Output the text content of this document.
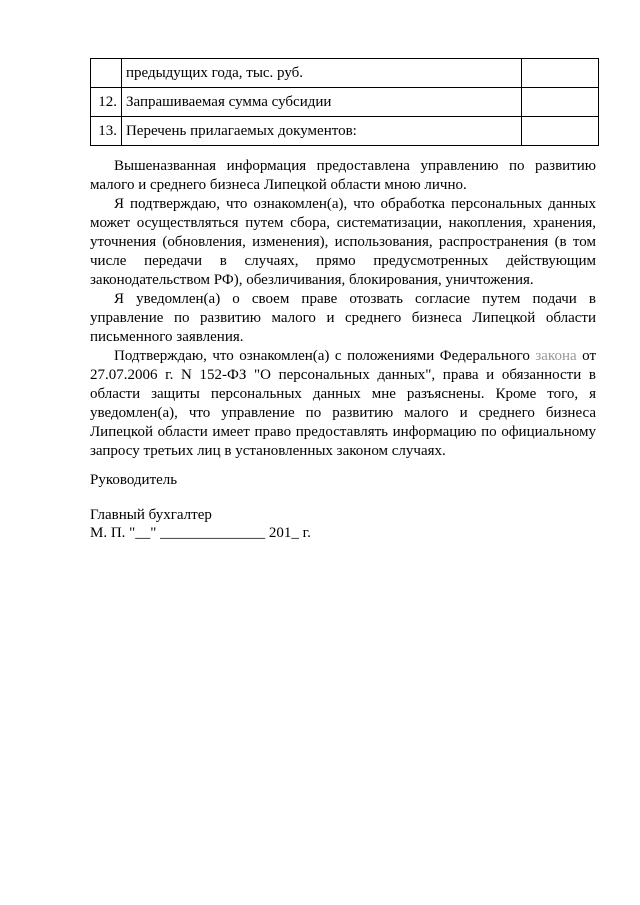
	предыдущих года, тыс. руб.	
12.	Запрашиваемая сумма субсидии	
13.	Перечень прилагаемых документов:	

Вышеназванная информация предоставлена управлению по развитию малого и среднего бизнеса Липецкой области мною лично.

Я подтверждаю, что ознакомлен(а), что обработка персональных данных может осуществляться путем сбора, систематизации, накопления, хранения, уточнения (обновления, изменения), использования, распространения (в том числе передачи в случаях, прямо предусмотренных действующим законодательством РФ), обезличивания, блокирования, уничтожения.

Я уведомлен(а) о своем праве отозвать согласие путем подачи в управление по развитию малого и среднего бизнеса Липецкой области письменного заявления.

Подтверждаю, что ознакомлен(а) с положениями Федерального закона от 27.07.2006 г. N 152-ФЗ "О персональных данных", права и обязанности в области защиты персональных данных мне разъяснены. Кроме того, я уведомлен(а), что управление по развитию малого и среднего бизнеса Липецкой области имеет право предоставлять информацию по официальному запросу третьих лиц в установленных законом случаях.

Руководитель

Главный бухгалтер

М. П. "__" ______________ 201_ г.
